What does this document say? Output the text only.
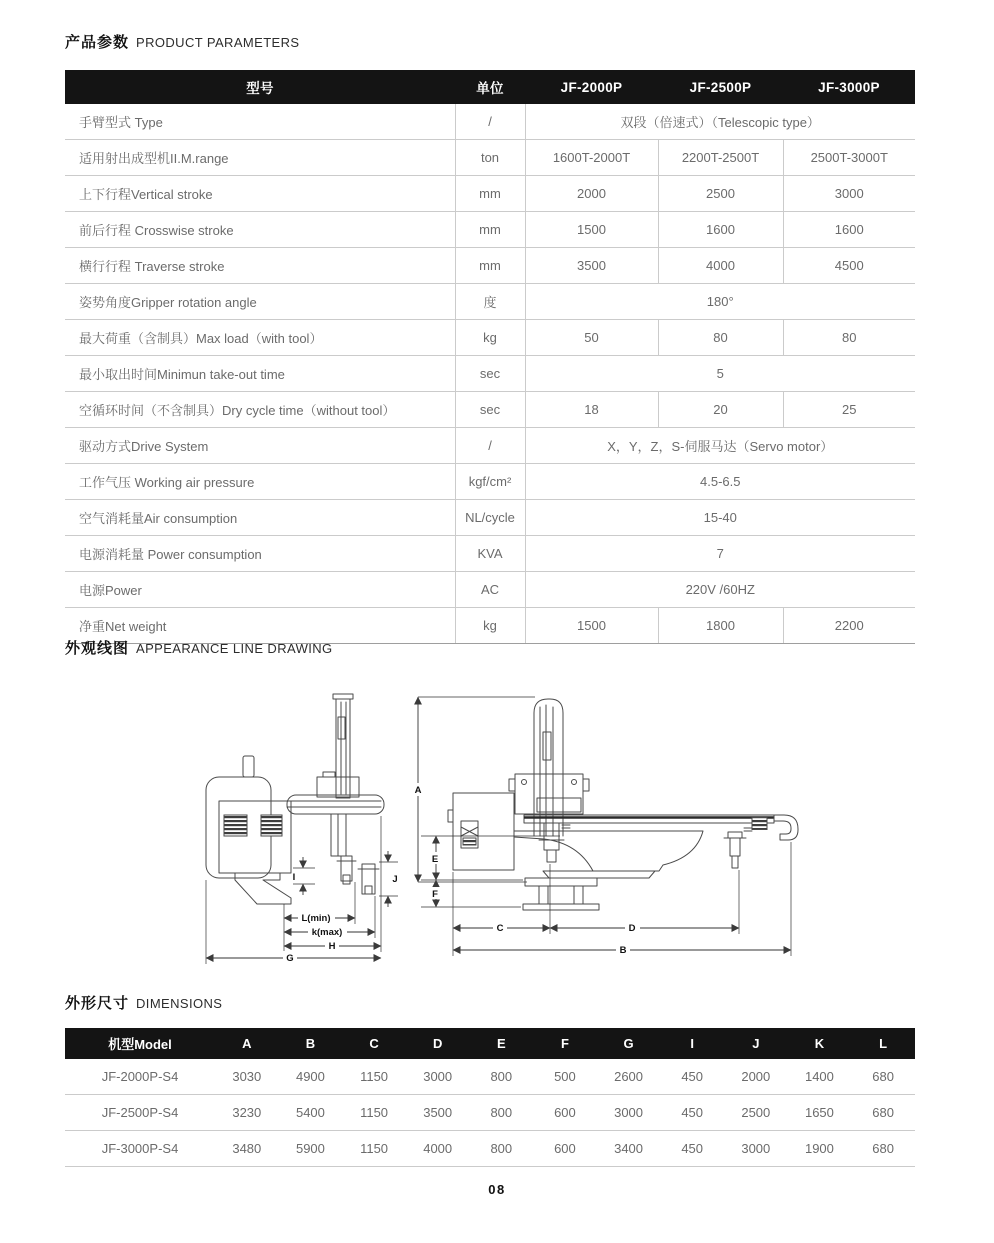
产品参数 PRODUCT PARAMETERS
型号	单位	JF-2000P	JF-2500P	JF-3000P
手臂型式 Type	/	双段（倍速式）（Telescopic type）		
适用射出成型机II.M.range	ton	1600T-2000T	2200T-2500T	2500T-3000T
上下行程Vertical stroke	mm	2000	2500	3000
前后行程 Crosswise stroke	mm	1500	1600	1600
横行行程 Traverse stroke	mm	3500	4000	4500
姿势角度Gripper rotation angle	度	180°		
最大荷重（含制具）Max load（with tool）	kg	50	80	80
最小取出时间Minimun take-out time	sec	5		
空循环时间（不含制具）Dry cycle time（without tool）	sec	18	20	25
驱动方式Drive System	/	X，Y，Z，S-伺服马达（Servo motor）		
工作气压 Working air pressure	kgf/cm²	4.5-6.5		
空气消耗量Air consumption	NL/cycle	15-40		
电源消耗量 Power consumption	KVA	7		
电源Power	AC	220V /60HZ		
净重Net weight	kg	1500	1800	2200
外观线图 APPEARANCE LINE DRAWING
I	J
L(min)
k(max)
H
G
A
E
F
C	D
B
外形尺寸 DIMENSIONS
机型Model	A	B	C	D	E	F	G	I	J	K	L
JF-2000P-S4	3030	4900	1150	3000	800	500	2600	450	2000	1400	680
JF-2500P-S4	3230	5400	1150	3500	800	600	3000	450	2500	1650	680
JF-3000P-S4	3480	5900	1150	4000	800	600	3400	450	3000	1900	680
08
